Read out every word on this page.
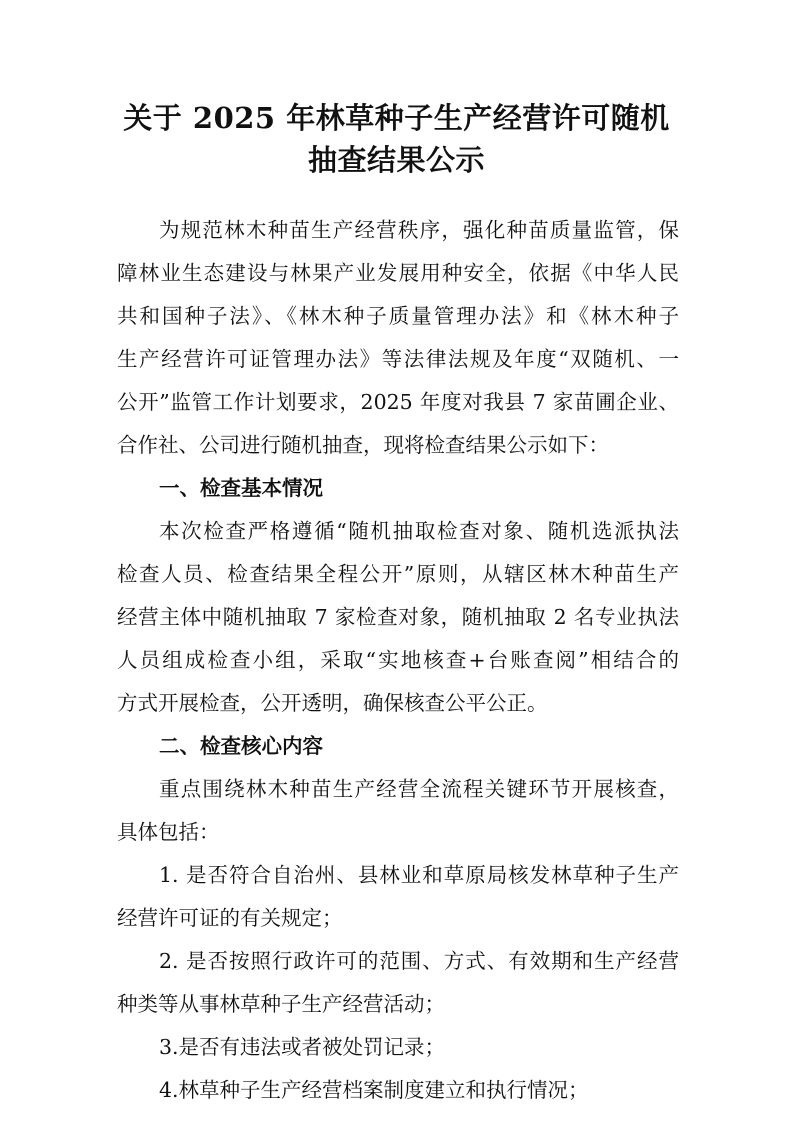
关于 2025 年林草种子生产经营许可随机
抽查结果公示
为规范林木种苗生产经营秩序，强化种苗质量监管，保
障林业生态建设与林果产业发展用种安全，依据《中华人民
共和国种子法》、《林木种子质量管理办法》和《林木种子
生产经营许可证管理办法》等法律法规及年度“双随机、一
公开”监管工作计划要求，2025 年度对我县 7 家苗圃企业、
合作社、公司进行随机抽查，现将检查结果公示如下：
一、检查基本情况
本次检查严格遵循“随机抽取检查对象、随机选派执法
检查人员、检查结果全程公开”原则，从辖区林木种苗生产
经营主体中随机抽取 7 家检查对象，随机抽取 2 名专业执法
人员组成检查小组，采取“实地核查+台账查阅”相结合的
方式开展检查，公开透明，确保核查公平公正。
二、检查核心内容
重点围绕林木种苗生产经营全流程关键环节开展核查，
具体包括：
1. 是否符合自治州、县林业和草原局核发林草种子生产
经营许可证的有关规定；
2. 是否按照行政许可的范围、方式、有效期和生产经营
种类等从事林草种子生产经营活动；
3.是否有违法或者被处罚记录；
4.林草种子生产经营档案制度建立和执行情况；
